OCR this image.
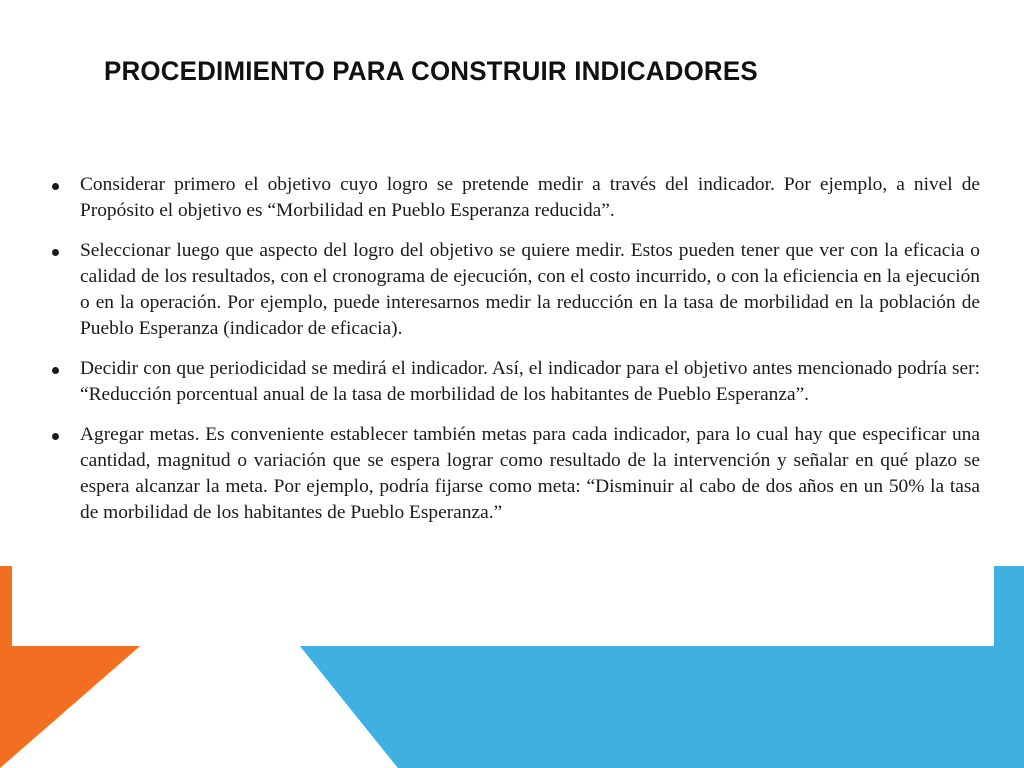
PROCEDIMIENTO PARA CONSTRUIR INDICADORES
Considerar primero el objetivo cuyo logro se pretende medir a través del indicador. Por ejemplo, a nivel de Propósito el objetivo es “Morbilidad en Pueblo Esperanza reducida”.
Seleccionar luego que aspecto del logro del objetivo se quiere medir. Estos pueden tener que ver con la eficacia o calidad de los resultados, con el cronograma de ejecución, con el costo incurrido, o con la eficiencia en la ejecución o en la operación. Por ejemplo, puede interesarnos medir la reducción en la tasa de morbilidad en la población de Pueblo Esperanza (indicador de eficacia).
Decidir con que periodicidad se medirá el indicador. Así, el indicador para el objetivo antes mencionado podría ser: “Reducción porcentual anual de la tasa de morbilidad de los habitantes de Pueblo Esperanza”.
Agregar metas. Es conveniente establecer también metas para cada indicador, para lo cual hay que especificar una cantidad, magnitud o variación que se espera lograr como resultado de la intervención y señalar en qué plazo se espera alcanzar la meta. Por ejemplo, podría fijarse como meta: “Disminuir al cabo de dos años en un 50% la tasa de morbilidad de los habitantes de Pueblo Esperanza.”
